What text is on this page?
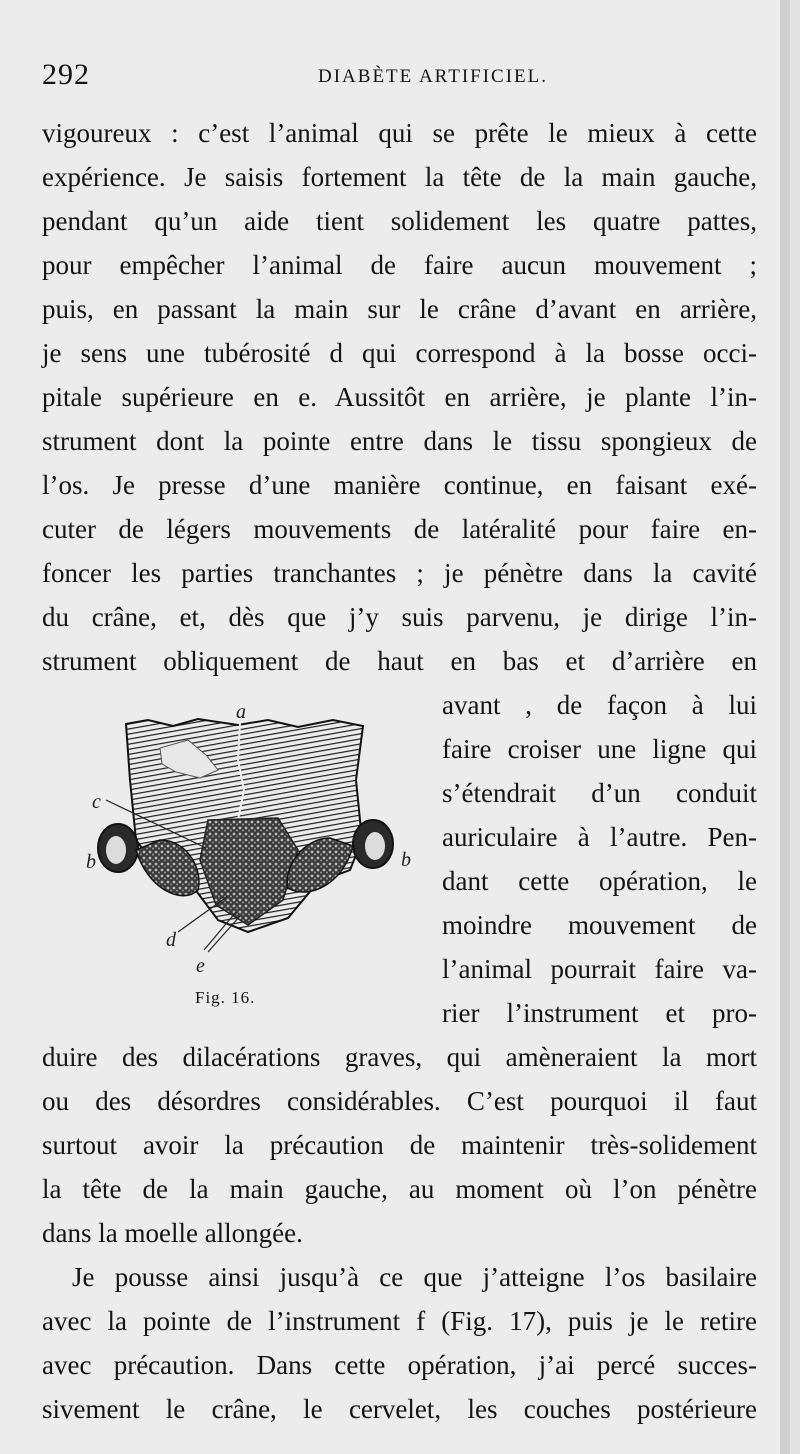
292	DIABÈTE ARTIFICIEL.
vigoureux : c’est l’animal qui se prête le mieux à cette
expérience. Je saisis fortement la tête de la main gauche,
pendant qu’un aide tient solidement les quatre pattes,
pour empêcher l’animal de faire aucun mouvement ;
puis, en passant la main sur le crâne d’avant en arrière,
je sens une tubérosité d qui correspond à la bosse occi-
pitale supérieure en e. Aussitôt en arrière, je plante l’in-
strument dont la pointe entre dans le tissu spongieux de
l’os. Je presse d’une manière continue, en faisant exé-
cuter de légers mouvements de latéralité pour faire en-
foncer les parties tranchantes ; je pénètre dans la cavité
du crâne, et, dès que j’y suis parvenu, je dirige l’in-
strument obliquement de haut en bas et d’arrière en
avant , de façon à lui
faire croiser une ligne qui
s’étendrait d’un conduit
auriculaire à l’autre. Pen-
dant cette opération, le
moindre mouvement de
l’animal pourrait faire va-
rier l’instrument et pro-
a
b	b
c
d
e
Fig. 16.
duire des dilacérations graves, qui amèneraient la mort
ou des désordres considérables. C’est pourquoi il faut
surtout avoir la précaution de maintenir très-solidement
la tête de la main gauche, au moment où l’on pénètre
dans la moelle allongée.
Je pousse ainsi jusqu’à ce que j’atteigne l’os basilaire
avec la pointe de l’instrument f (Fig. 17), puis je le retire
avec précaution. Dans cette opération, j’ai percé succes-
sivement le crâne, le cervelet, les couches postérieure
